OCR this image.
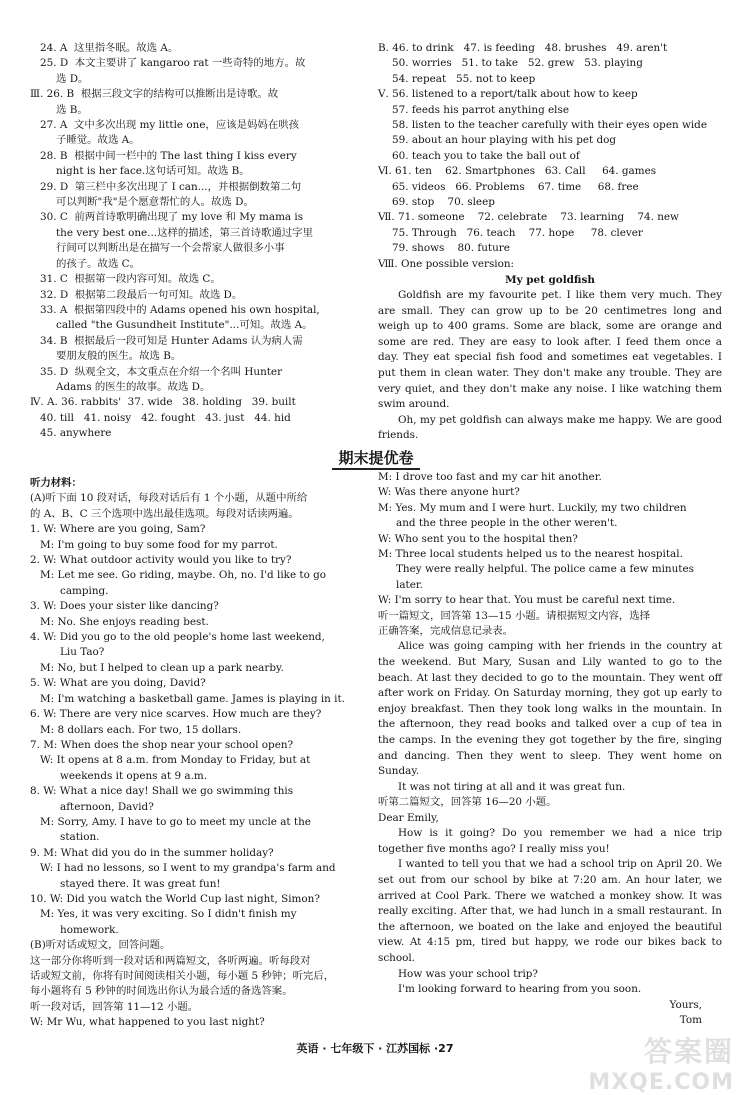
24. A  这里指冬眠。故选 A。
25. D  本文主要讲了 kangaroo rat 一些奇特的地方。故
选 D。
Ⅲ. 26. B  根据三段文字的结构可以推断出是诗歌。故
选 B。
27. A  文中多次出现 my little one，应该是妈妈在哄孩
子睡觉。故选 A。
28. B  根据中间一栏中的 The last thing I kiss every
night is her face.这句话可知。故选 B。
29. D  第三栏中多次出现了 I can...，并根据倒数第二句
可以判断"我"是个愿意帮忙的人。故选 D。
30. C  前两首诗歌明确出现了 my love 和 My mama is
the very best one...这样的描述，第三首诗歌通过字里
行间可以判断出是在描写一个会帮家人做很多小事
的孩子。故选 C。
31. C  根据第一段内容可知。故选 C。
32. D  根据第二段最后一句可知。故选 D。
33. A  根据第四段中的 Adams opened his own hospital,
called "the Gusundheit Institute"...可知。故选 A。
34. B  根据最后一段可知是 Hunter Adams 认为病人需
要朋友般的医生。故选 B。
35. D  纵观全文，本文重点在介绍一个名叫 Hunter
Adams 的医生的故事。故选 D。
Ⅳ. A. 36. rabbits'  37. wide   38. holding   39. built
40. till   41. noisy   42. fought   43. just   44. hid
45. anywhere
B. 46. to drink   47. is feeding   48. brushes   49. aren't
50. worries   51. to take   52. grew   53. playing
54. repeat   55. not to keep
Ⅴ. 56. listened to a report/talk about how to keep
57. feeds his parrot anything else
58. listen to the teacher carefully with their eyes open wide
59. about an hour playing with his pet dog
60. teach you to take the ball out of
Ⅵ. 61. ten    62. Smartphones   63. Call     64. games
65. videos   66. Problems    67. time     68. free
69. stop    70. sleep
Ⅶ. 71. someone    72. celebrate    73. learning    74. new
75. Through   76. teach    77. hope     78. clever
79. shows    80. future
Ⅷ. One possible version:
My pet goldfish

Goldfish are my favourite pet. I like them very much. They are small. They can grow up to be 20 centimetres long and weigh up to 400 grams. Some are black, some are orange and some are red. They are easy to look after. I feed them once a day. They eat special fish food and sometimes eat vegetables. I put them in clean water. They don't make any trouble. They are very quiet, and they don't make any noise. I like watching them swim around.

Oh, my pet goldfish can always make me happy. We are good friends.

期末提优卷
听力材料：
(A)听下面 10 段对话，每段对话后有 1 个小题，从题中所给
的 A、B、C 三个选项中选出最佳选项。每段对话读两遍。
1. W: Where are you going, Sam?
M: I'm going to buy some food for my parrot.
2. W: What outdoor activity would you like to try?
M: Let me see. Go riding, maybe. Oh, no. I'd like to go
camping.
3. W: Does your sister like dancing?
M: No. She enjoys reading best.
4. W: Did you go to the old people's home last weekend,
Liu Tao?
M: No, but I helped to clean up a park nearby.
5. W: What are you doing, David?
M: I'm watching a basketball game. James is playing in it.
6. W: There are very nice scarves. How much are they?
M: 8 dollars each. For two, 15 dollars.
7. M: When does the shop near your school open?
W: It opens at 8 a.m. from Monday to Friday, but at
weekends it opens at 9 a.m.
8. W: What a nice day! Shall we go swimming this
afternoon, David?
M: Sorry, Amy. I have to go to meet my uncle at the
station.
9. M: What did you do in the summer holiday?
W: I had no lessons, so I went to my grandpa's farm and
stayed there. It was great fun!
10. W: Did you watch the World Cup last night, Simon?
M: Yes, it was very exciting. So I didn't finish my
homework.
(B)听对话或短文，回答问题。
这一部分你将听到一段对话和两篇短文，各听两遍。听每段对
话或短文前，你将有时间阅读相关小题，每小题 5 秒钟；听完后，
每小题将有 5 秒钟的时间选出你认为最合适的备选答案。
听一段对话，回答第 11—12 小题。
W: Mr Wu, what happened to you last night?
M: I drove too fast and my car hit another.
W: Was there anyone hurt?
M: Yes. My mum and I were hurt. Luckily, my two children
and the three people in the other weren't.
W: Who sent you to the hospital then?
M: Three local students helped us to the nearest hospital.
They were really helpful. The police came a few minutes
later.
W: I'm sorry to hear that. You must be careful next time.
听一篇短文，回答第 13—15 小题。请根据短文内容，选择
正确答案，完成信息记录表。

Alice was going camping with her friends in the country at the weekend. But Mary, Susan and Lily wanted to go to the beach. At last they decided to go to the mountain. They went off after work on Friday. On Saturday morning, they got up early to enjoy breakfast. Then they took long walks in the mountain. In the afternoon, they read books and talked over a cup of tea in the camps. In the evening they got together by the fire, singing and dancing. Then they went to sleep. They went home on Sunday.

It was not tiring at all and it was great fun.

听第二篇短文，回答第 16—20 小题。
Dear Emily,

How is it going? Do you remember we had a nice trip together five months ago? I really miss you!

I wanted to tell you that we had a school trip on April 20. We set out from our school by bike at 7:20 am. An hour later, we arrived at Cool Park. There we watched a monkey show. It was really exciting. After that, we had lunch in a small restaurant. In the afternoon, we boated on the lake and enjoyed the beautiful view. At 4:15 pm, tired but happy, we rode our bikes back to school.

How was your school trip?

I'm looking forward to hearing from you soon.

Yours,
Tom
英语 · 七年级下 · 江苏国标 ·27	答案圈
MXQE.COM
